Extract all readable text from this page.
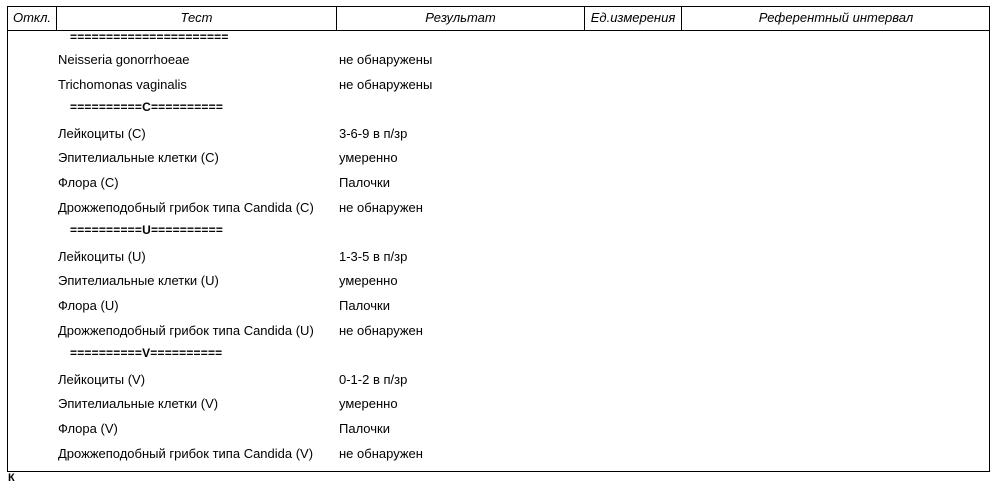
Откл.	Тест	Результат	Ед.измерения	Референтный интервал
======================
Neisseria gonorrhoeae	не обнаружены
Trichomonas vaginalis	не обнаружены
==========C==========
Лейкоциты (C)	3-6-9 в п/зр
Эпителиальные клетки (C)	умеренно
Флора (C)	Палочки
Дрожжеподобный грибок типа Candida (C) не обнаружен
==========U==========
Лейкоциты (U)	1-3-5 в п/зр
Эпителиальные клетки (U)	умеренно
Флора (U)	Палочки
Дрожжеподобный грибок типа Candida (U) не обнаружен
==========V==========
Лейкоциты (V)	0-1-2 в п/зр
Эпителиальные клетки (V)	умеренно
Флора (V)	Палочки
Дрожжеподобный грибок типа Candida (V) не обнаружен
К
